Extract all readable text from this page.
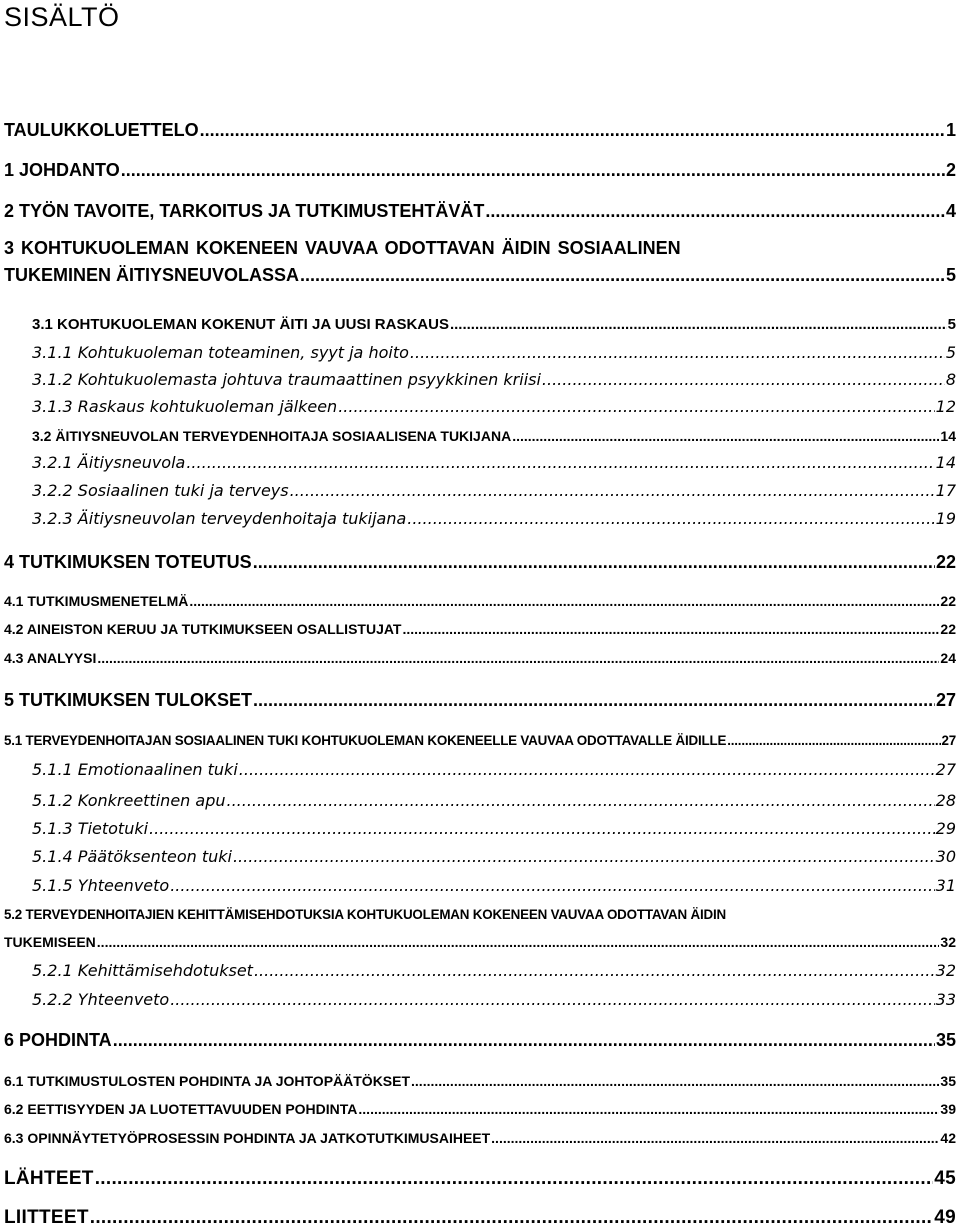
SISÄLTÖ
TAULUKKOLUETTELO .....	1
1 JOHDANTO .....	2
2 TYÖN TAVOITE, TARKOITUS JA TUTKIMUSTEHTÄVÄT .....	4
3 KOHTUKUOLEMAN KOKENEEN VAUVAA ODOTTAVAN ÄIDIN SOSIAALINEN
TUKEMINEN ÄITIYSNEUVOLASSA .....	5
3.1 KOHTUKUOLEMAN KOKENUT ÄITI JA UUSI RASKAUS .....	5
3.1.1 Kohtukuoleman toteaminen, syyt ja hoito .....	5
3.1.2 Kohtukuolemasta johtuva traumaattinen psyykkinen kriisi .....	8
3.1.3 Raskaus kohtukuoleman jälkeen .....	12
3.2 ÄITIYSNEUVOLAN TERVEYDENHOITAJA SOSIAALISENA TUKIJANA .....	14
3.2.1 Äitiysneuvola .....	14
3.2.2 Sosiaalinen tuki ja terveys .....	17
3.2.3 Äitiysneuvolan terveydenhoitaja tukijana .....	19
4 TUTKIMUKSEN TOTEUTUS .....	22
4.1 TUTKIMUSMENETELMÄ .....	22
4.2 AINEISTON KERUU JA TUTKIMUKSEEN OSALLISTUJAT .....	22
4.3 ANALYYSI .....	24
5 TUTKIMUKSEN TULOKSET .....	27
5.1 TERVEYDENHOITAJAN SOSIAALINEN TUKI KOHTUKUOLEMAN KOKENEELLE VAUVAA ODOTTAVALLE ÄIDILLE .....	27
5.1.1 Emotionaalinen tuki .....	27
5.1.2 Konkreettinen apu .....	28
5.1.3 Tietotuki .....	29
5.1.4 Päätöksenteon tuki .....	30
5.1.5 Yhteenveto .....	31
5.2 TERVEYDENHOITAJIEN KEHITTÄMISEHDOTUKSIA KOHTUKUOLEMAN KOKENEEN VAUVAA ODOTTAVAN ÄIDIN
TUKEMISEEN .....	32
5.2.1 Kehittämisehdotukset .....	32
5.2.2 Yhteenveto .....	33
6 POHDINTA .....	35
6.1 TUTKIMUSTULOSTEN POHDINTA JA JOHTOPÄÄTÖKSET .....	35
6.2 EETTISYYDEN JA LUOTETTAVUUDEN POHDINTA .....	39
6.3 OPINNÄYTETYÖPROSESSIN POHDINTA JA JATKOTUTKIMUSAIHEET .....	42
LÄHTEET .....	45
LIITTEET .....	49
